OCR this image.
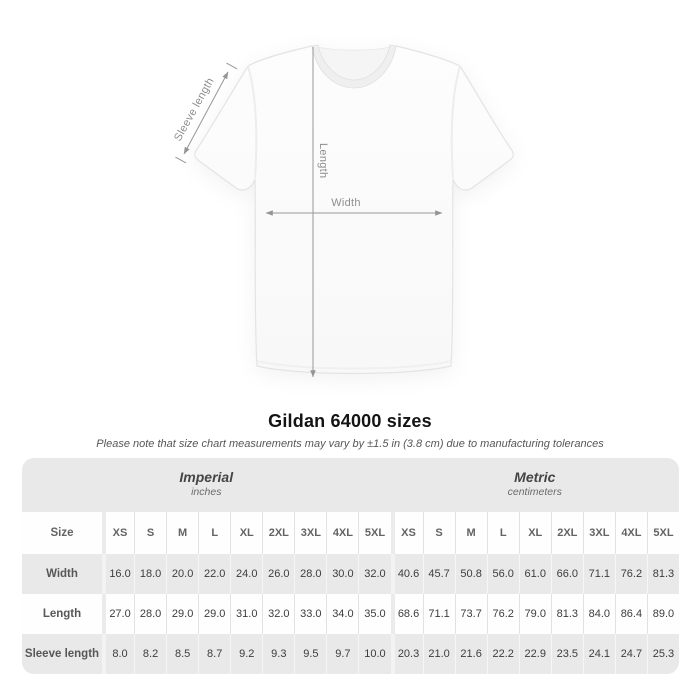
Length
Width
Sleeve length
Gildan 64000 sizes
Please note that size chart measurements may vary by ±1.5 in (3.8 cm) due to manufacturing tolerances
Imperial
inches
Metric
centimeters
Size	XS	S	M	L	XL	2XL	3XL	4XL	5XL	XS	S	M	L	XL	2XL	3XL	4XL	5XL
Width	16.0 18.0 20.0 22.0 24.0 26.0 28.0 30.0 32.0	40.6 45.7 50.8 56.0 61.0 66.0 71.1 76.2 81.3
Length	27.0 28.0 29.0 29.0 31.0 32.0 33.0 34.0 35.0	68.6 71.1 73.7 76.2 79.0 81.3 84.0 86.4 89.0
Sleeve length	8.0	8.2	8.5	8.7	9.2	9.3	9.5	9.7	10.0	20.3 21.0 21.6 22.2 22.9 23.5 24.1 24.7 25.3
